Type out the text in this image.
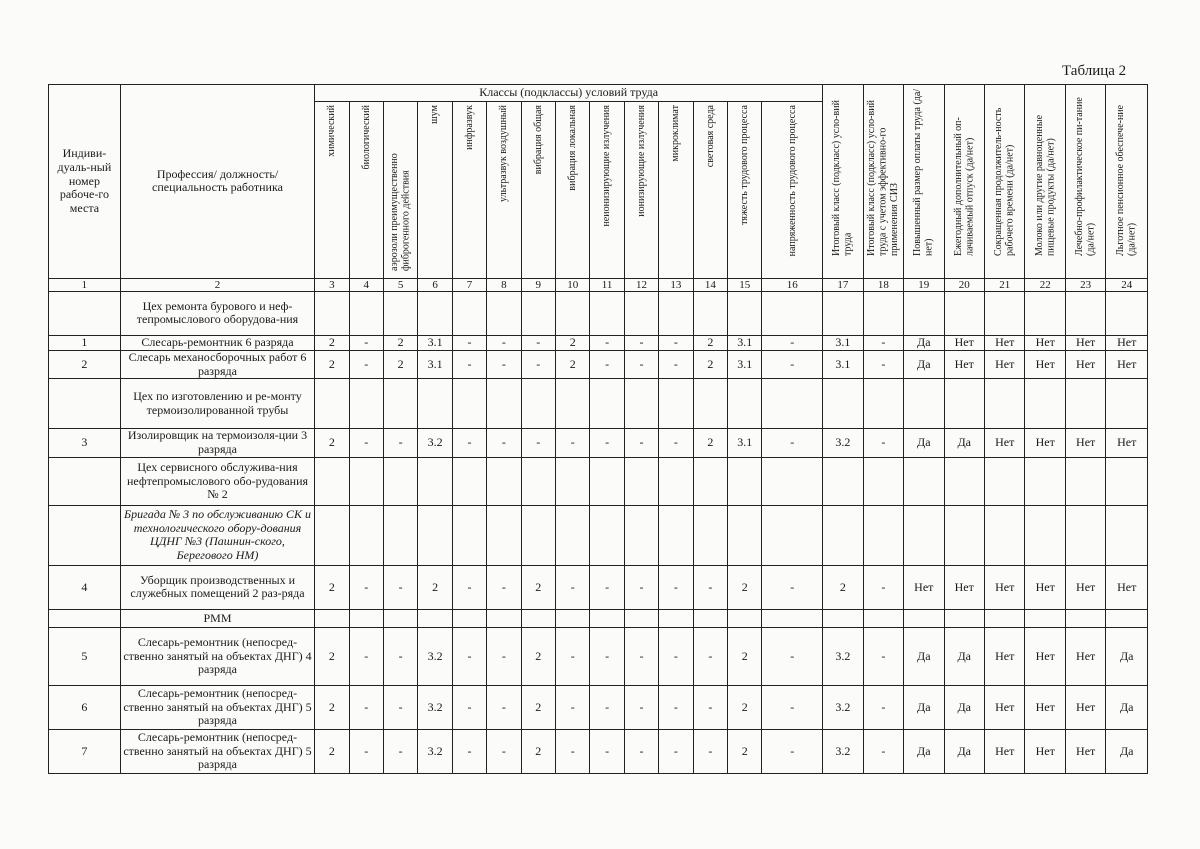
Таблица 2
Индиви-дуаль-ный номер рабоче-го места	Профессия/ должность/ специальность работника	Классы (подклассы) условий труда														Итоговый класс (подкласс) усло-вий труда	Итоговый класс (подкласс) усло-вий труда с учетом эффективно-го применения СИЗ	Повышенный размер оплаты труда (да/нет)	Ежегодный дополнительный оп-лачиваемый отпуск (да/нет)	Сокращенная продолжитель-ность рабочего времени (да/нет)	Молоко или другие равноценные пищевые продукты (да/нет)	Лечебно-профилактическое пи-тание (да/нет)	Льготное пенсионное обеспече-ние (да/нет)
		химический	биологический	аэрозоли преимущественно фиброгенного действия	шум	инфразвук	ультразвук воздушный	вибрация общая	вибрация локальная	неионизирующие излучения	ионизирующие излучения	микроклимат	световая среда	тяжесть трудового процесса	напряженность трудового процесса								
1	2	3	4	5	6	7	8	9	10	11	12	13	14	15	16	17	18	19	20	21	22	23	24
	Цех ремонта бурового и неф-тепромыслового оборудова-ния																						
1	Слесарь-ремонтник 6 разряда	2	-	2	3.1	-	-	-	2	-	-	-	2	3.1	-	3.1	-	Да	Нет	Нет	Нет	Нет	Нет
2	Слесарь механосборочных работ 6 разряда	2	-	2	3.1	-	-	-	2	-	-	-	2	3.1	-	3.1	-	Да	Нет	Нет	Нет	Нет	Нет
	Цех по изготовлению и ре-монту термоизолированной трубы																						
3	Изолировщик на термоизоля-ции 3 разряда	2	-	-	3.2	-	-	-	-	-	-	-	2	3.1	-	3.2	-	Да	Да	Нет	Нет	Нет	Нет
	Цех сервисного обслужива-ния нефтепромыслового обо-рудования № 2																						
	Бригада № 3 по обслуживанию СК и технологического обору-дования ЦДНГ №3 (Пашнин-ского, Берегового НМ)																						
4	Уборщик производственных и служебных помещений 2 раз-ряда	2	-	-	2	-	-	2	-	-	-	-	-	2	-	2	-	Нет	Нет	Нет	Нет	Нет	Нет
	РММ																						
5	Слесарь-ремонтник (непосред-ственно занятый на объектах ДНГ) 4 разряда	2	-	-	3.2	-	-	2	-	-	-	-	-	2	-	3.2	-	Да	Да	Нет	Нет	Нет	Да
6	Слесарь-ремонтник (непосред-ственно занятый на объектах ДНГ) 5 разряда	2	-	-	3.2	-	-	2	-	-	-	-	-	2	-	3.2	-	Да	Да	Нет	Нет	Нет	Да
7	Слесарь-ремонтник (непосред-ственно занятый на объектах ДНГ) 5 разряда	2	-	-	3.2	-	-	2	-	-	-	-	-	2	-	3.2	-	Да	Да	Нет	Нет	Нет	Да
